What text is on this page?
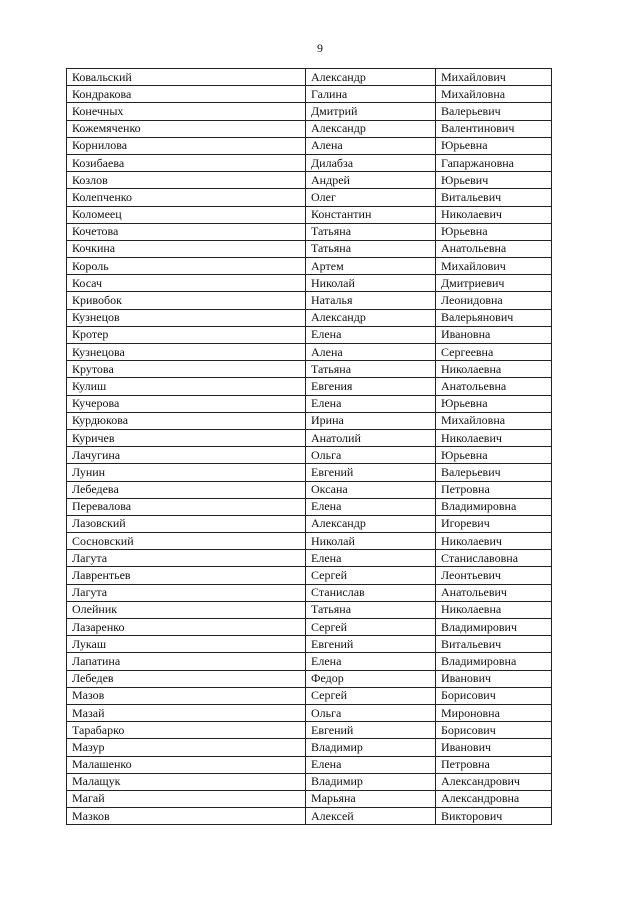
9
Ковальский	Александр	Михайлович
Кондракова	Галина	Михайловна
Конечных	Дмитрий	Валерьевич
Кожемяченко	Александр	Валентинович
Корнилова	Алена	Юрьевна
Козибаева	Дилабза	Гапаржановна
Козлов	Андрей	Юрьевич
Колепченко	Олег	Витальевич
Коломеец	Константин	Николаевич
Кочетова	Татьяна	Юрьевна
Кочкина	Татьяна	Анатольевна
Король	Артем	Михайлович
Косач	Николай	Дмитриевич
Кривобок	Наталья	Леонидовна
Кузнецов	Александр	Валерьянович
Кротер	Елена	Ивановна
Кузнецова	Алена	Сергеевна
Крутова	Татьяна	Николаевна
Кулиш	Евгения	Анатольевна
Кучерова	Елена	Юрьевна
Курдюкова	Ирина	Михайловна
Куричев	Анатолий	Николаевич
Лачугина	Ольга	Юрьевна
Лунин	Евгений	Валерьевич
Лебедева	Оксана	Петровна
Перевалова	Елена	Владимировна
Лазовский	Александр	Игоревич
Сосновский	Николай	Николаевич
Лагута	Елена	Станиславовна
Лаврентьев	Сергей	Леонтьевич
Лагута	Станислав	Анатольевич
Олейник	Татьяна	Николаевна
Лазаренко	Сергей	Владимирович
Лукаш	Евгений	Витальевич
Лапатина	Елена	Владимировна
Лебедев	Федор	Иванович
Мазов	Сергей	Борисович
Мазай	Ольга	Мироновна
Тарабарко	Евгений	Борисович
Мазур	Владимир	Иванович
Малашенко	Елена	Петровна
Малащук	Владимир	Александрович
Магай	Марьяна	Александровна
Мазков	Алексей	Викторович
